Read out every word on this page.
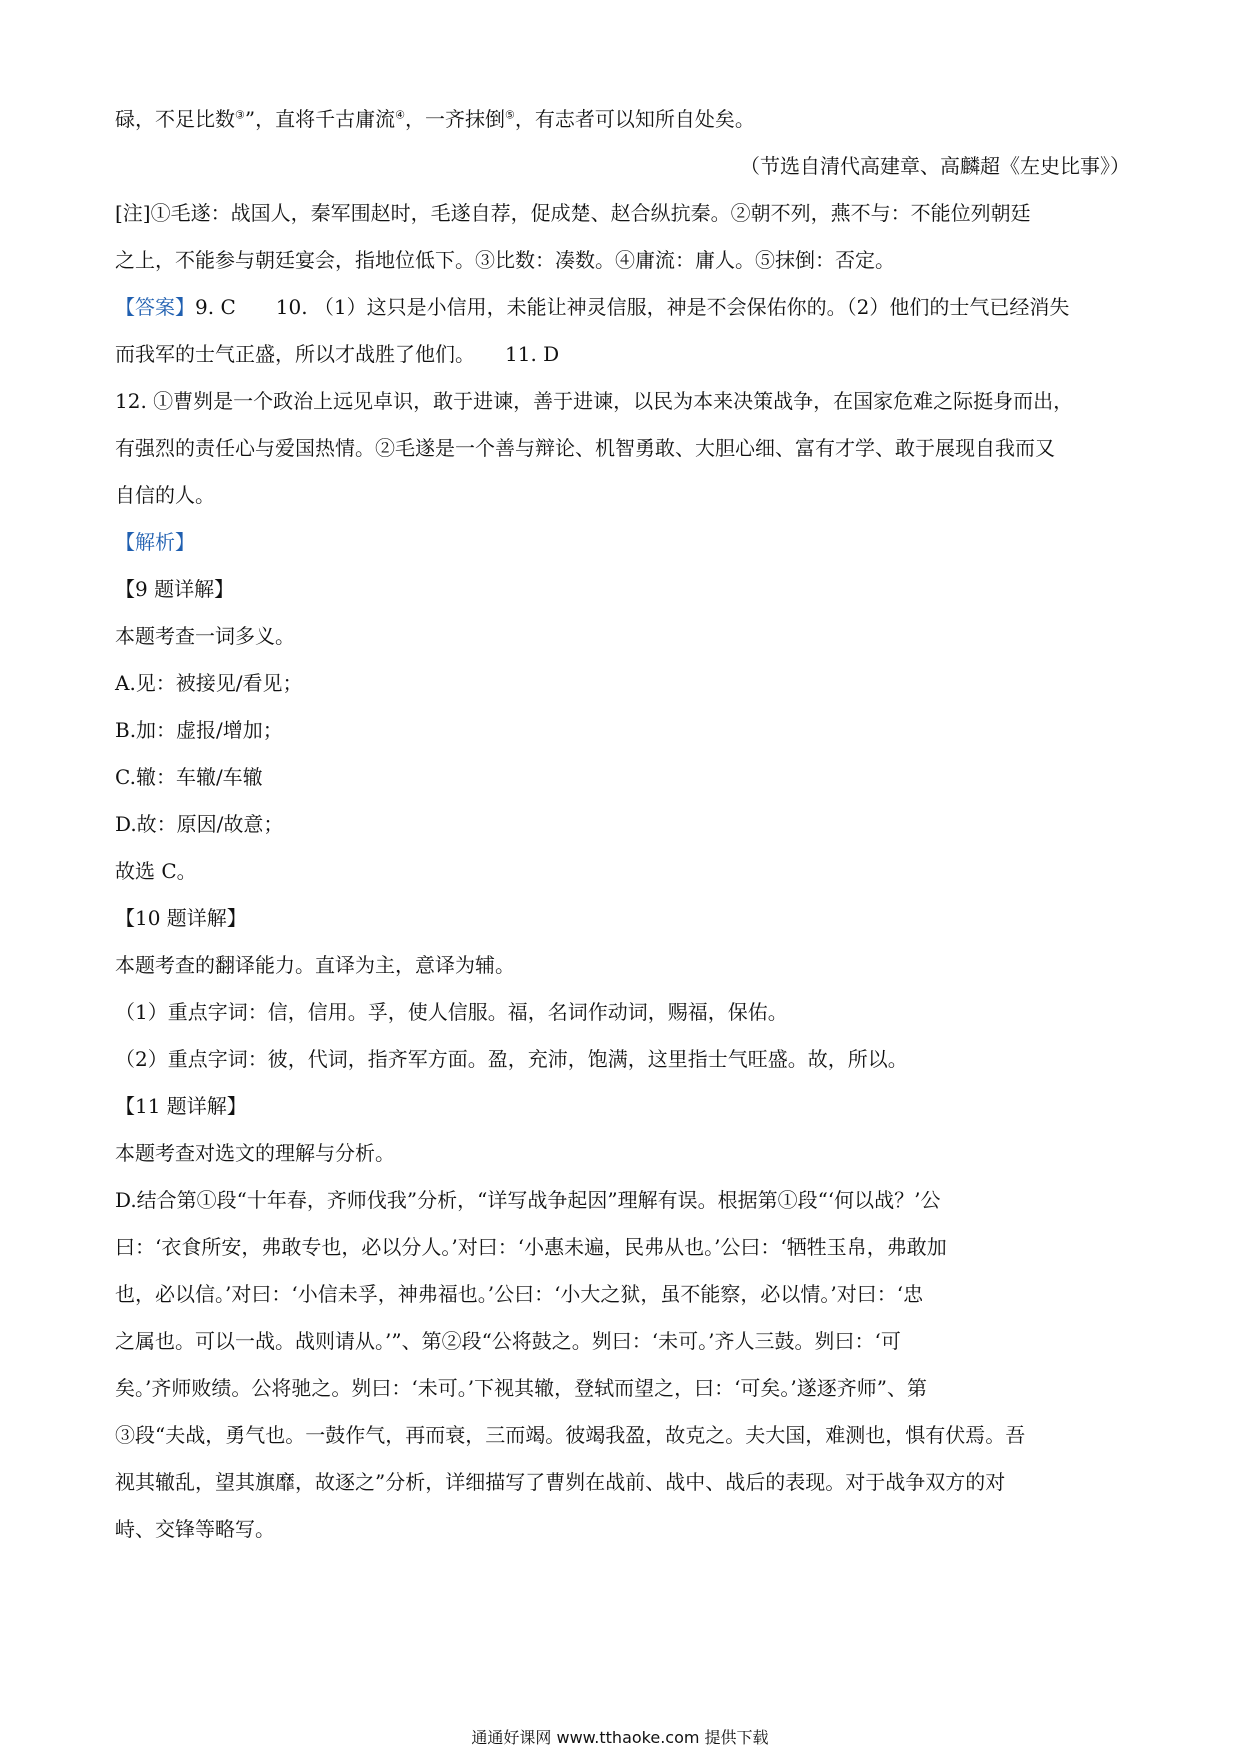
碌，不足比数③”，直将千古庸流④，一齐抹倒⑤，有志者可以知所自处矣。
（节选自清代高建章、高麟超《左史比事》）
[注]①毛遂：战国人，秦军围赵时，毛遂自荐，促成楚、赵合纵抗秦。②朝不列，燕不与：不能位列朝廷
之上，不能参与朝廷宴会，指地位低下。③比数：凑数。④庸流：庸人。⑤抹倒：否定。
【答案】9. C　　10. （1）这只是小信用，未能让神灵信服，神是不会保佑你的。（2）他们的士气已经消失
而我军的士气正盛，所以才战胜了他们。　　11. D
12. ①曹刿是一个政治上远见卓识，敢于进谏，善于进谏，以民为本来决策战争，在国家危难之际挺身而出，
有强烈的责任心与爱国热情。②毛遂是一个善与辩论、机智勇敢、大胆心细、富有才学、敢于展现自我而又
自信的人。
【解析】
【9 题详解】
本题考查一词多义。
A.见：被接见/看见；
B.加：虚报/增加；
C.辙：车辙/车辙
D.故：原因/故意；
故选 C。
【10 题详解】
本题考查的翻译能力。直译为主，意译为辅。
（1）重点字词：信，信用。孚，使人信服。福，名词作动词，赐福，保佑。
（2）重点字词：彼，代词，指齐军方面。盈，充沛，饱满，这里指士气旺盛。故，所以。
【11 题详解】
本题考查对选文的理解与分析。
D.结合第①段“十年春，齐师伐我”分析，“详写战争起因”理解有误。根据第①段“‘何以战？’公
曰：‘衣食所安，弗敢专也，必以分人。’对曰：‘小惠未遍，民弗从也。’公曰：‘牺牲玉帛，弗敢加
也，必以信。’对曰：‘小信未孚，神弗福也。’公曰：‘小大之狱，虽不能察，必以情。’对曰：‘忠
之属也。可以一战。战则请从。’”、第②段“公将鼓之。刿曰：‘未可。’齐人三鼓。刿曰：‘可
矣。’齐师败绩。公将驰之。刿曰：‘未可。’下视其辙，登轼而望之，曰：‘可矣。’遂逐齐师”、第
③段“夫战，勇气也。一鼓作气，再而衰，三而竭。彼竭我盈，故克之。夫大国，难测也，惧有伏焉。吾
视其辙乱，望其旗靡，故逐之”分析，详细描写了曹刿在战前、战中、战后的表现。对于战争双方的对
峙、交锋等略写。
通通好课网 www.tthaoke.com 提供下载
